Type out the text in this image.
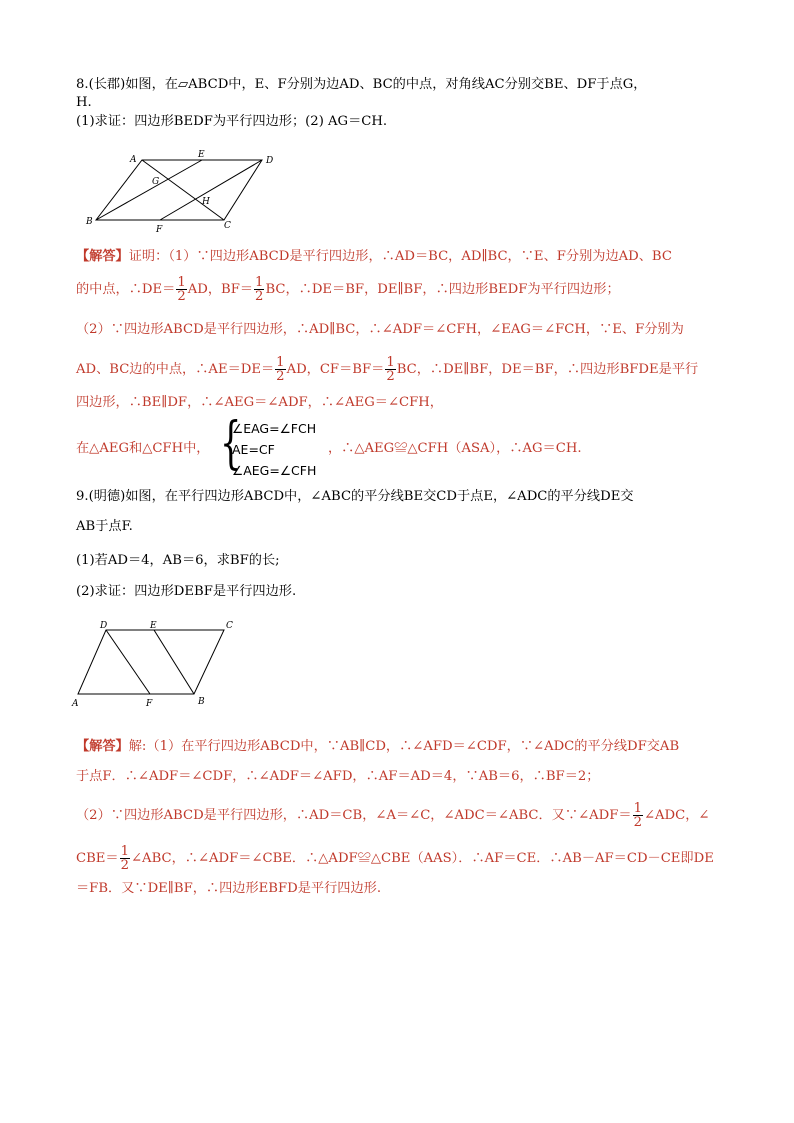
8.(长郡)如图，在▱ABCD中，E、F分别为边AD、BC的中点，对角线AC分别交BE、DF于点G，
H.
(1)求证：四边形BEDF为平行四边形；(2) AG＝CH.
A	E
D
G
H
B
F	C
【解答】证明：（1）∵四边形ABCD是平行四边形，∴AD＝BC，AD∥BC，∵E、F分别为边AD、BC
的中点，∴DE＝ $\frac{1}{2}$ AD，$BF= \frac{1}{2}$ BC，∴DE＝BF，DE∥BF，∴四边形BEDF为平行四边形；
（2）∵四边形ABCD是平行四边形，∴AD∥BC，∴∠ADF＝∠CFH，∠EAG＝∠FCH，∵E、F分别为
AD、BC边的中点，∴AE＝DE＝ $\frac{1}{2}$ AD，$CF=BF= \frac{1}{2}$ BC，∴DE∥BF，DE＝BF，∴四边形BFDE是平行
四边形，∴BE∥DF，∴∠AEG＝∠ADF，∴∠AEG＝∠CFH，
在△AEG和△CFH中， {
∠EAG=∠FCH
AE=CF
∠AEG=∠CFH
，∴△AEG≌△CFH（ASA），∴AG＝CH.
9.(明德)如图，在平行四边形ABCD中，∠ABC的平分线BE交CD于点E，∠ADC的平分线DE交
AB于点F.
(1)若AD＝4，AB＝6，求BF的长;
(2)求证：四边形DEBF是平行四边形.
D	E	C
A	F	B
【解答】解:（1）在平行四边形ABCD中，∵AB∥CD，∴∠AFD＝∠CDF，∵∠ADC的平分线DF交AB
于点F．∴∠ADF＝∠CDF，∴∠ADF＝∠AFD，∴AF＝AD＝4，∵AB＝6，∴BF＝2；
（2）∵四边形ABCD是平行四边形，∴AD＝CB，∠A＝∠C，∠ADC＝∠ABC．又∵∠ADF＝ $\frac{1}{2}$ ∠ADC，∠
$CBE= \frac{1}{2}$ ∠ABC，∴∠ADF＝∠CBE．∴△ADF≌△CBE（AAS）．∴AF＝CE．∴AB－AF＝CD－CE即DE
＝FB．又∵DE∥BF，∴四边形EBFD是平行四边形.
